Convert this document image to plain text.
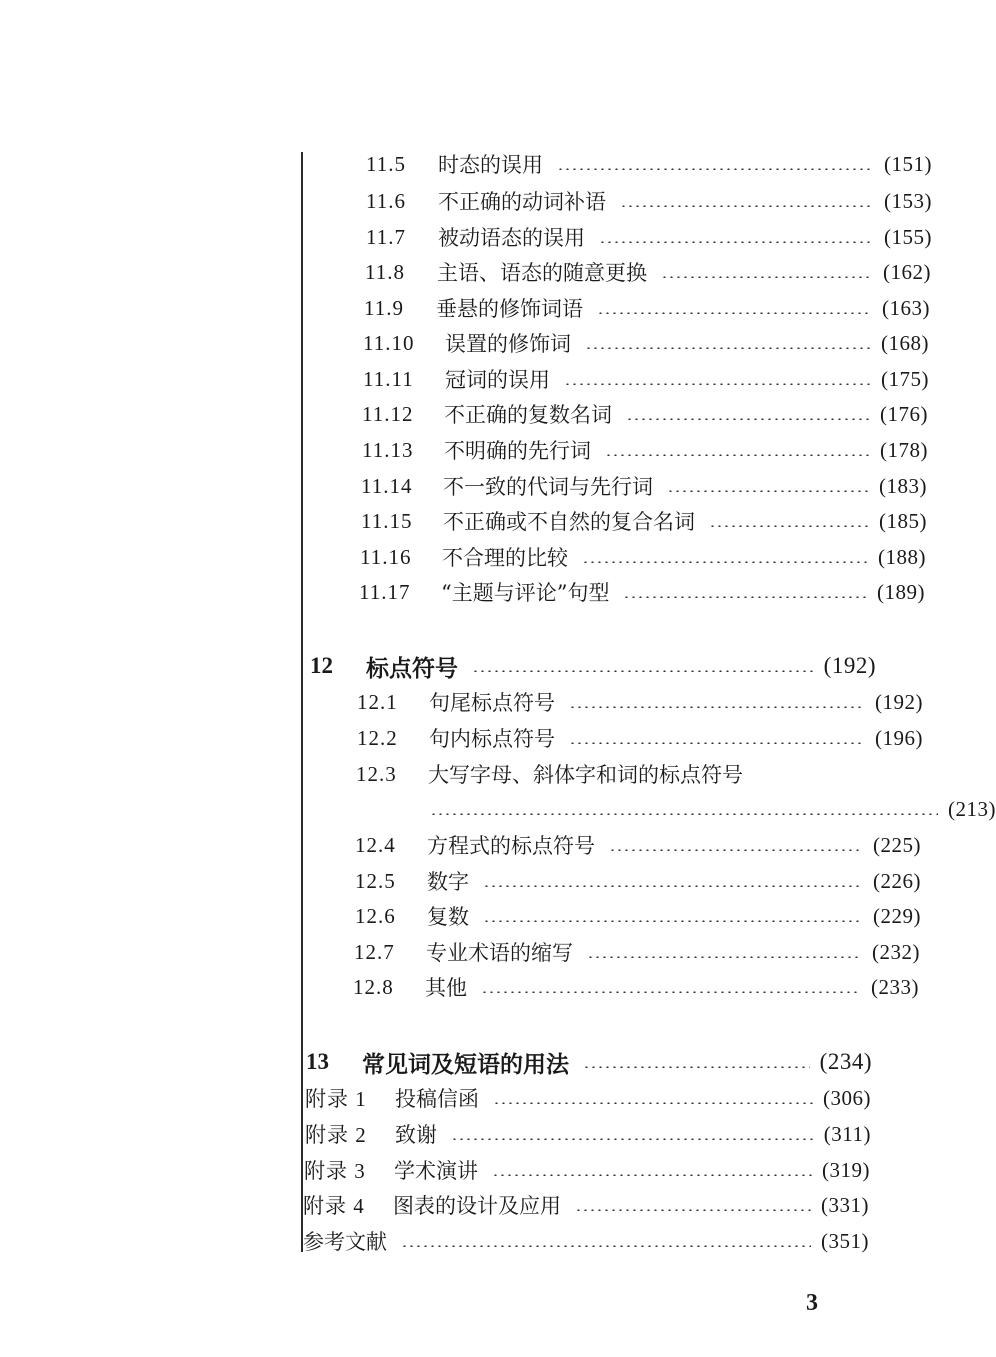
11.5	时态的误用	(151)
11.6	不正确的动词补语	(153)
11.7	被动语态的误用	(155)
11.8	主语、语态的随意更换	(162)
11.9	垂悬的修饰词语	(163)
11.10	误置的修饰词	(168)
11.11	冠词的误用	(175)
11.12	不正确的复数名词	(176)
11.13	不明确的先行词	(178)
11.14	不一致的代词与先行词	(183)
11.15	不正确或不自然的复合名词	(185)
11.16	不合理的比较	(188)
11.17	“主题与评论”句型	(189)
12	标点符号	(192)
12.1	句尾标点符号	(192)
12.2	句内标点符号	(196)
12.3	大写字母、斜体字和词的标点符号
(213)
12.4	方程式的标点符号	(225)
12.5	数字	(226)
12.6	复数	(229)
12.7	专业术语的缩写	(232)
12.8	其他	(233)
13	常见词及短语的用法	(234)
附录 1	投稿信函	(306)
附录 2	致谢	(311)
附录 3	学术演讲	(319)
附录 4	图表的设计及应用	(331)
参考文献	(351)
3
